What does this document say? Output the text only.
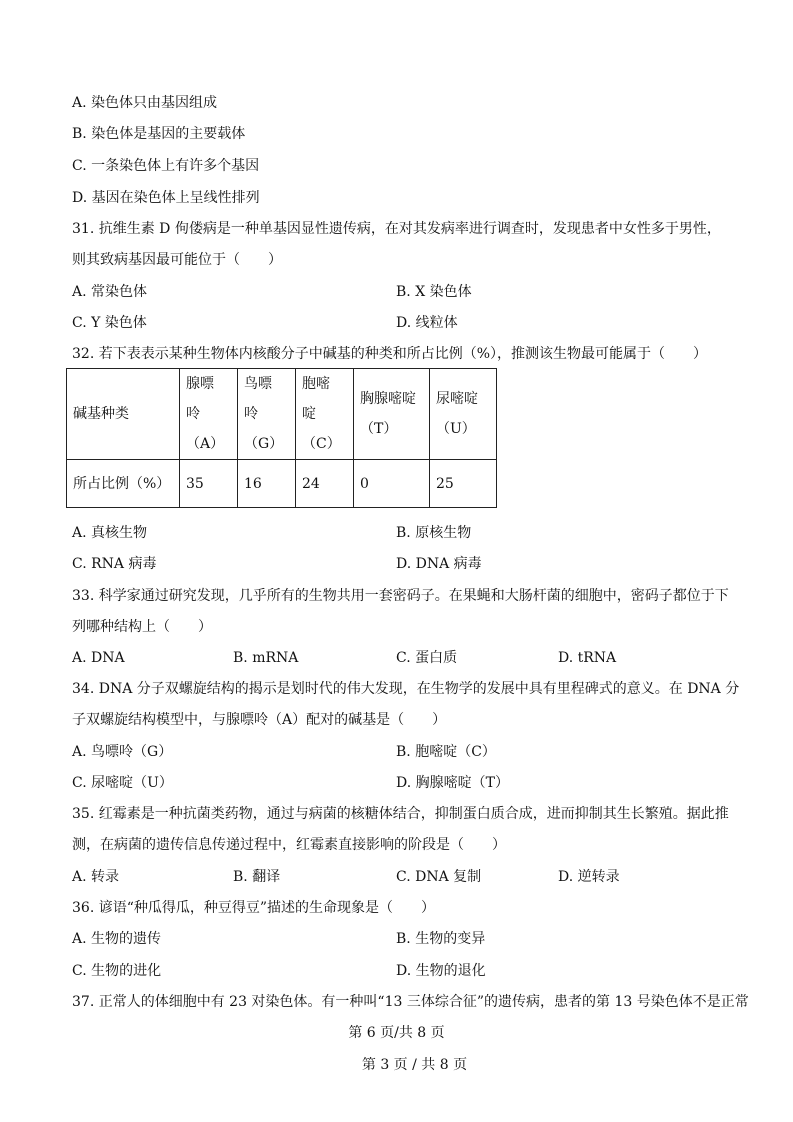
A. 染色体只由基因组成
B. 染色体是基因的主要载体
C. 一条染色体上有许多个基因
D. 基因在染色体上呈线性排列
31. 抗维生素 D 佝偻病是一种单基因显性遗传病，在对其发病率进行调查时，发现患者中女性多于男性，
则其致病基因最可能位于（　　）
A. 常染色体	B. X 染色体
C. Y 染色体	D. 线粒体
32. 若下表表示某种生物体内核酸分子中碱基的种类和所占比例（%），推测该生物最可能属于（　　）
碱基种类	腺嘌
呤（A）	鸟嘌
呤（G）	胞嘧
啶（C）	胸腺嘧啶
（T）	尿嘧啶
（U）
所占比例（%）	35	16	24	0	25
A. 真核生物	B. 原核生物
C. RNA 病毒	D. DNA 病毒
33. 科学家通过研究发现，几乎所有的生物共用一套密码子。在果蝇和大肠杆菌的细胞中，密码子都位于下
列哪种结构上（　　）
A. DNA	B. mRNA	C. 蛋白质	D. tRNA
34. DNA 分子双螺旋结构的揭示是划时代的伟大发现，在生物学的发展中具有里程碑式的意义。在 DNA 分
子双螺旋结构模型中，与腺嘌呤（A）配对的碱基是（　　）
A. 鸟嘌呤（G）	B. 胞嘧啶（C）
C. 尿嘧啶（U）	D. 胸腺嘧啶（T）
35. 红霉素是一种抗菌类药物，通过与病菌的核糖体结合，抑制蛋白质合成，进而抑制其生长繁殖。据此推
测，在病菌的遗传信息传递过程中，红霉素直接影响的阶段是（　　）
A. 转录	B. 翻译	C. DNA 复制	D. 逆转录
36. 谚语“种瓜得瓜，种豆得豆”描述的生命现象是（　　）
A. 生物的遗传	B. 生物的变异
C. 生物的进化	D. 生物的退化
37. 正常人的体细胞中有 23 对染色体。有一种叫“13 三体综合征”的遗传病，患者的第 13 号染色体不是正常
第 6 页/共 8 页
第 3 页 / 共 8 页
